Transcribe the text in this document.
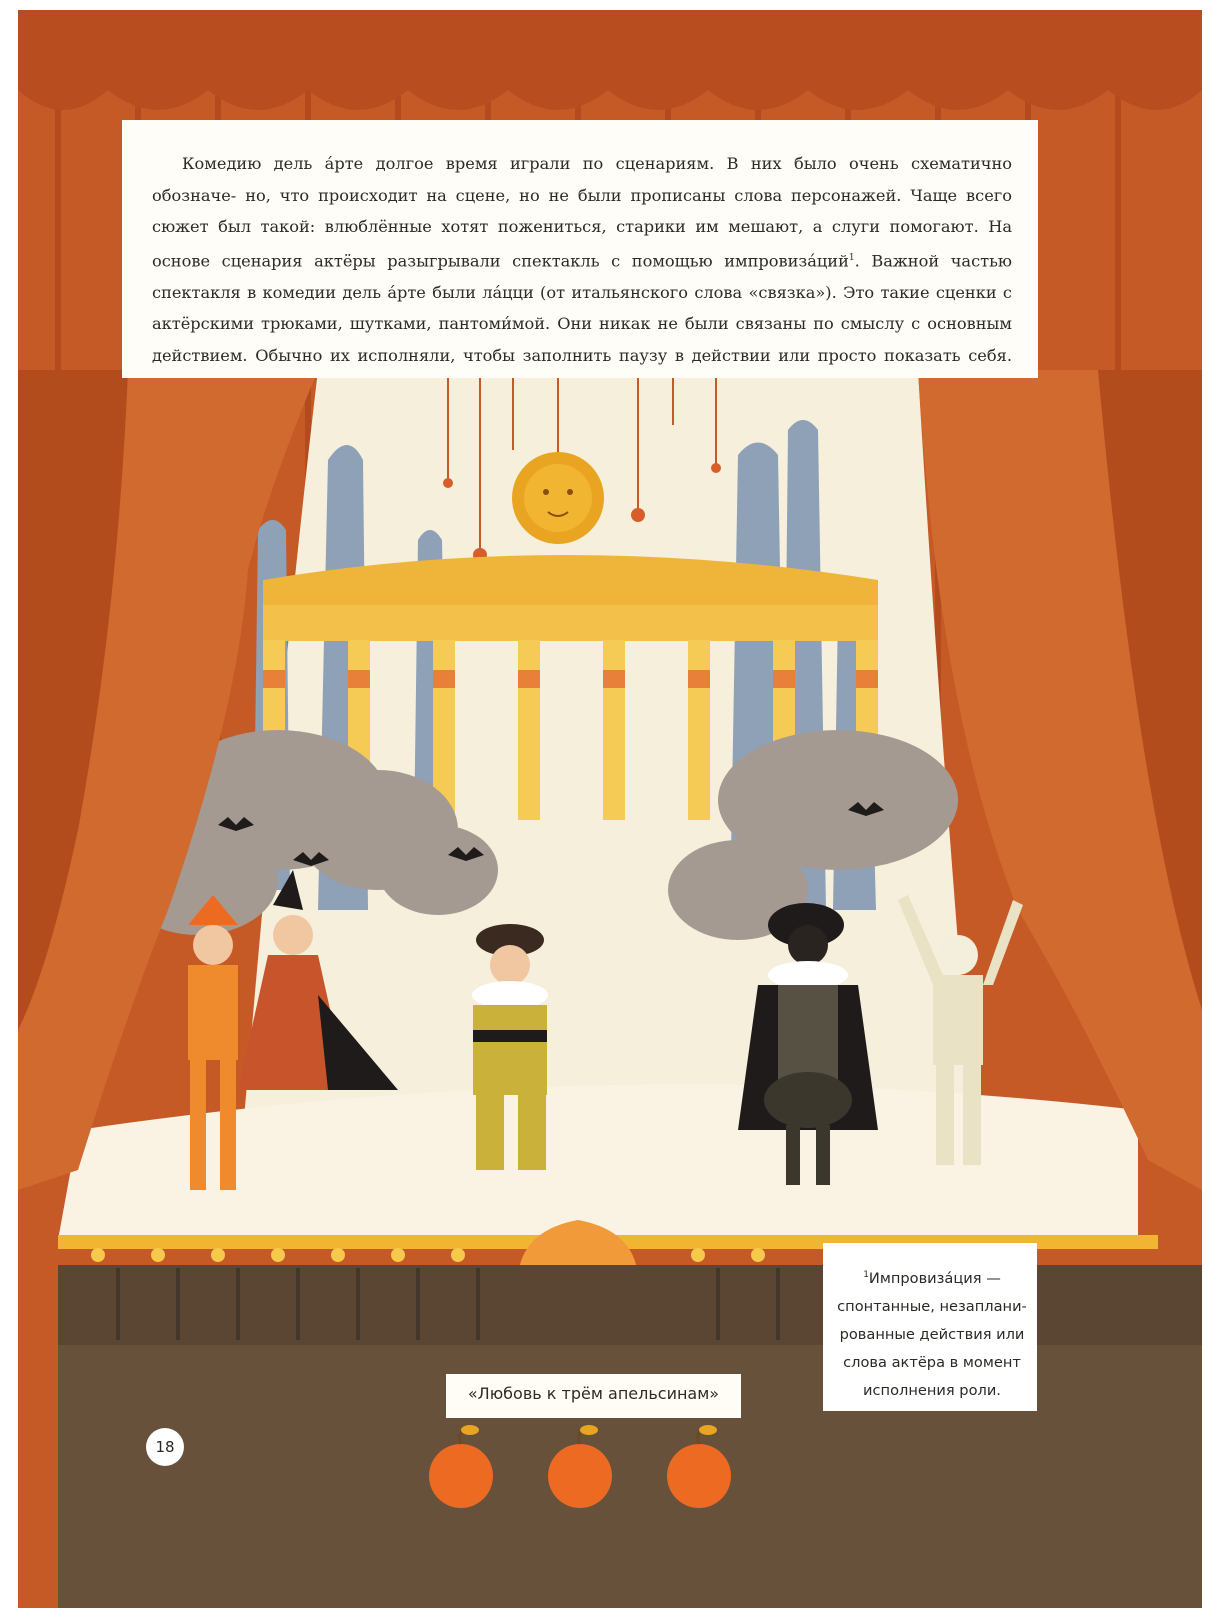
Комедию дель а́рте долгое время играли по сценариям. В них было очень схематично обозначе- но, что происходит на сцене, но не были прописаны слова персонажей. Чаще всего сюжет был такой: влюблённые хотят пожениться, старики им мешают, а слуги помогают. На основе сценария актёры разыгрывали спектакль с помощью импровиза́ций$^1$. Важной частью спектакля в комедии дель а́рте были ла́цци (от итальянского слова «связка»). Это такие сценки с актёрскими трюками, шутками, пантоми́мой. Они никак не были связаны по смыслу с основным действием. Обычно их исполняли, чтобы заполнить паузу в действии или просто показать себя.

$^1$Импровиза́ция —
спонтанные, незаплани-
рованные действия или
слова актёра в момент
исполнения роли.

«Любовь к трём апельсинам»
18
